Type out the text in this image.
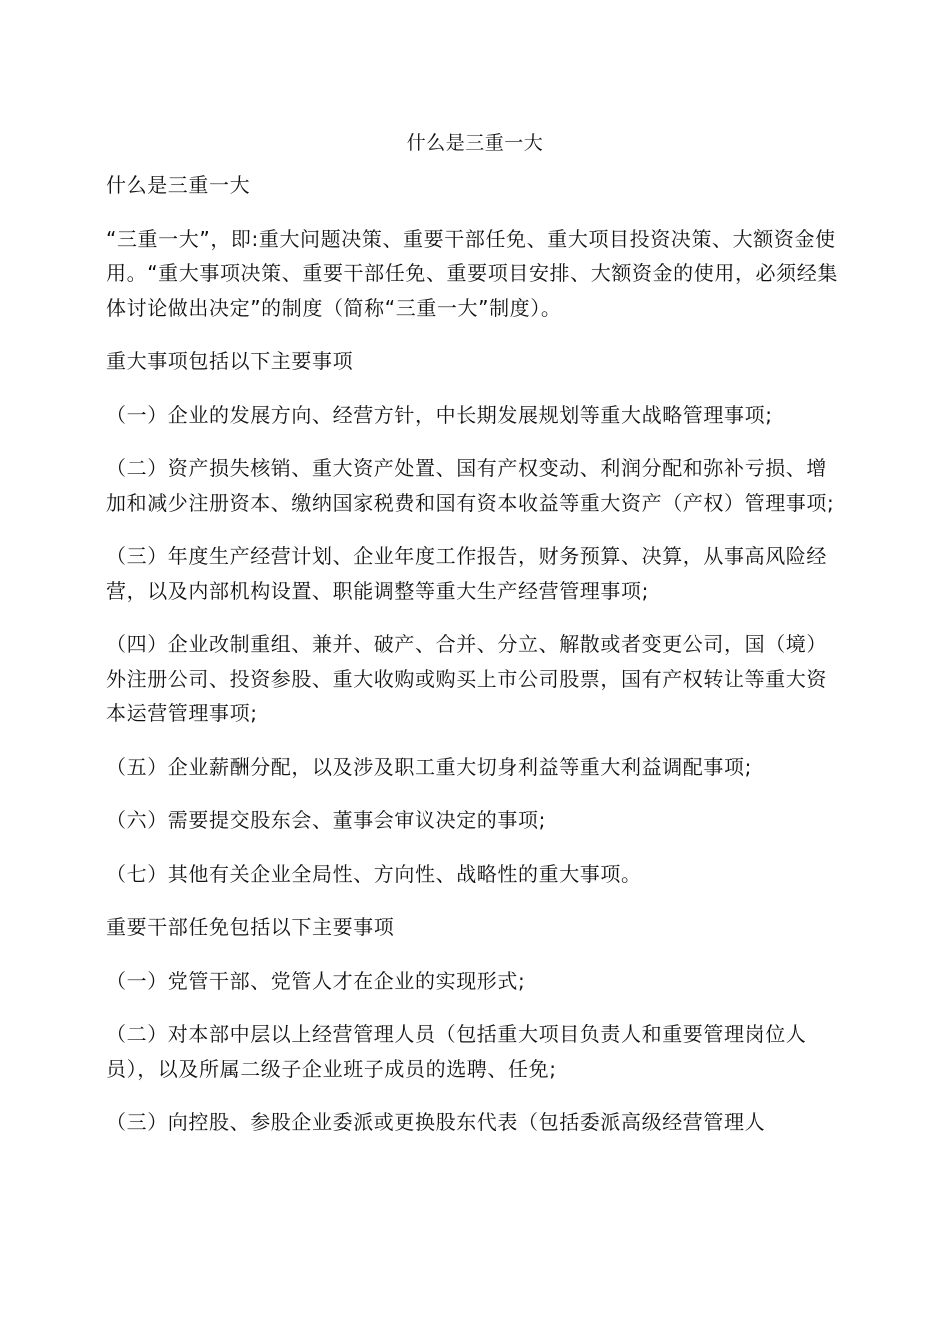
什么是三重一大

什么是三重一大

“三重一大”，即:重大问题决策、重要干部任免、重大项目投资决策、大额资金使用。“重大事项决策、重要干部任免、重要项目安排、大额资金的使用，必须经集体讨论做出决定”的制度（简称“三重一大”制度）。

重大事项包括以下主要事项

（一）企业的发展方向、经营方针，中长期发展规划等重大战略管理事项;

（二）资产损失核销、重大资产处置、国有产权变动、利润分配和弥补亏损、增加和减少注册资本、缴纳国家税费和国有资本收益等重大资产（产权）管理事项;

（三）年度生产经营计划、企业年度工作报告，财务预算、决算，从事高风险经营，以及内部机构设置、职能调整等重大生产经营管理事项;

（四）企业改制重组、兼并、破产、合并、分立、解散或者变更公司，国（境）外注册公司、投资参股、重大收购或购买上市公司股票，国有产权转让等重大资本运营管理事项;

（五）企业薪酬分配，以及涉及职工重大切身利益等重大利益调配事项;

（六）需要提交股东会、董事会审议决定的事项;

（七）其他有关企业全局性、方向性、战略性的重大事项。

重要干部任免包括以下主要事项

（一）党管干部、党管人才在企业的实现形式;

（二）对本部中层以上经营管理人员（包括重大项目负责人和重要管理岗位人员），以及所属二级子企业班子成员的选聘、任免;

（三）向控股、参股企业委派或更换股东代表（包括委派高级经营管理人
